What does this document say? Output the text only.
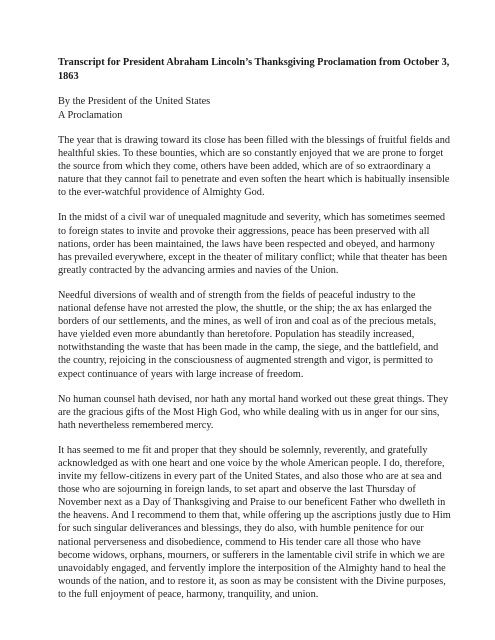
Transcript for President Abraham Lincoln’s Thanksgiving Proclamation from October 3, 1863

By the President of the United States

A Proclamation

The year that is drawing toward its close has been filled with the blessings of fruitful fields and healthful skies. To these bounties, which are so constantly enjoyed that we are prone to forget the source from which they come, others have been added, which are of so extraordinary a nature that they cannot fail to penetrate and even soften the heart which is habitually insensible to the ever-watchful providence of Almighty God.

In the midst of a civil war of unequaled magnitude and severity, which has sometimes seemed to foreign states to invite and provoke their aggressions, peace has been preserved with all nations, order has been maintained, the laws have been respected and obeyed, and harmony has prevailed everywhere, except in the theater of military conflict; while that theater has been greatly contracted by the advancing armies and navies of the Union.

Needful diversions of wealth and of strength from the fields of peaceful industry to the national defense have not arrested the plow, the shuttle, or the ship; the ax has enlarged the borders of our settlements, and the mines, as well of iron and coal as of the precious metals, have yielded even more abundantly than heretofore. Population has steadily increased, notwithstanding the waste that has been made in the camp, the siege, and the battlefield, and the country, rejoicing in the consciousness of augmented strength and vigor, is permitted to expect continuance of years with large increase of freedom.

No human counsel hath devised, nor hath any mortal hand worked out these great things. They are the gracious gifts of the Most High God, who while dealing with us in anger for our sins, hath nevertheless remembered mercy.

It has seemed to me fit and proper that they should be solemnly, reverently, and gratefully acknowledged as with one heart and one voice by the whole American people. I do, therefore, invite my fellow-citizens in every part of the United States, and also those who are at sea and those who are sojourning in foreign lands, to set apart and observe the last Thursday of November next as a Day of Thanksgiving and Praise to our beneficent Father who dwelleth in the heavens. And I recommend to them that, while offering up the ascriptions justly due to Him for such singular deliverances and blessings, they do also, with humble penitence for our national perverseness and disobedience, commend to His tender care all those who have become widows, orphans, mourners, or sufferers in the lamentable civil strife in which we are unavoidably engaged, and fervently implore the interposition of the Almighty hand to heal the wounds of the nation, and to restore it, as soon as may be consistent with the Divine purposes, to the full enjoyment of peace, harmony, tranquility, and union.
